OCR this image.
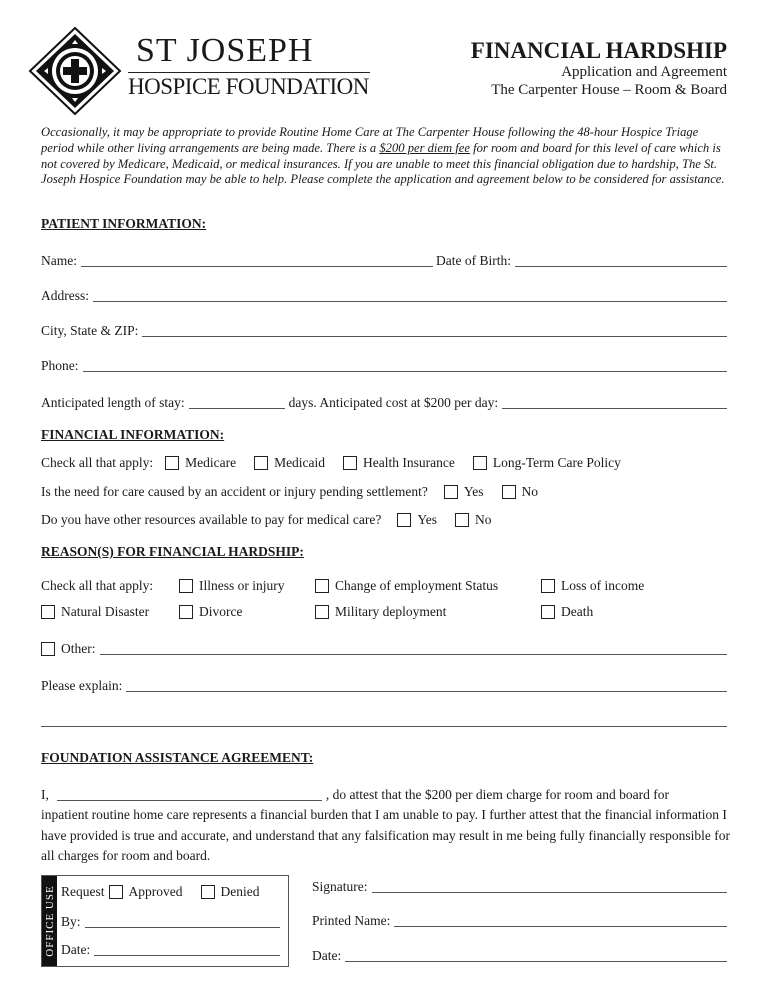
ST JOSEPH
HOSPICE FOUNDATION
FINANCIAL HARDSHIP
Application and Agreement
The Carpenter House – Room & Board
Occasionally, it may be appropriate to provide Routine Home Care at The Carpenter House following the 48-hour Hospice Triage period while other living arrangements are being made. There is a $200 per diem fee for room and board for this level of care which is not covered by Medicare, Medicaid, or medical insurances. If you are unable to meet this financial obligation due to hardship, The St. Joseph Hospice Foundation may be able to help. Please complete the application and agreement below to be considered for assistance.
PATIENT INFORMATION:
Name:	Date of Birth:
Address:
City, State & ZIP:
Phone:
Anticipated length of stay:	days. Anticipated cost at $200 per day:
FINANCIAL INFORMATION:
Check all that apply: Medicare	Medicaid	Health Insurance	Long-Term Care Policy
Is the need for care caused by an accident or injury pending settlement?	Yes	No
Do you have other resources available to pay for medical care?	Yes	No
REASON(S) FOR FINANCIAL HARDSHIP:
Check all that apply:	Illness or injury	Change of employment Status	Loss of income
Natural Disaster	Divorce	Military deployment	Death
Other:
Please explain:
FOUNDATION ASSISTANCE AGREEMENT:
I,	, do attest that the $200 per diem charge for room and board for
inpatient routine home care represents a financial burden that I am unable to pay. I further attest that the financial information I have provided is true and accurate, and understand that any falsification may result in me being fully financially responsible for all charges for room and board.
OFFICE USE Request Approved	Denied
By:
Date:
Signature:
Printed Name:
Date:
